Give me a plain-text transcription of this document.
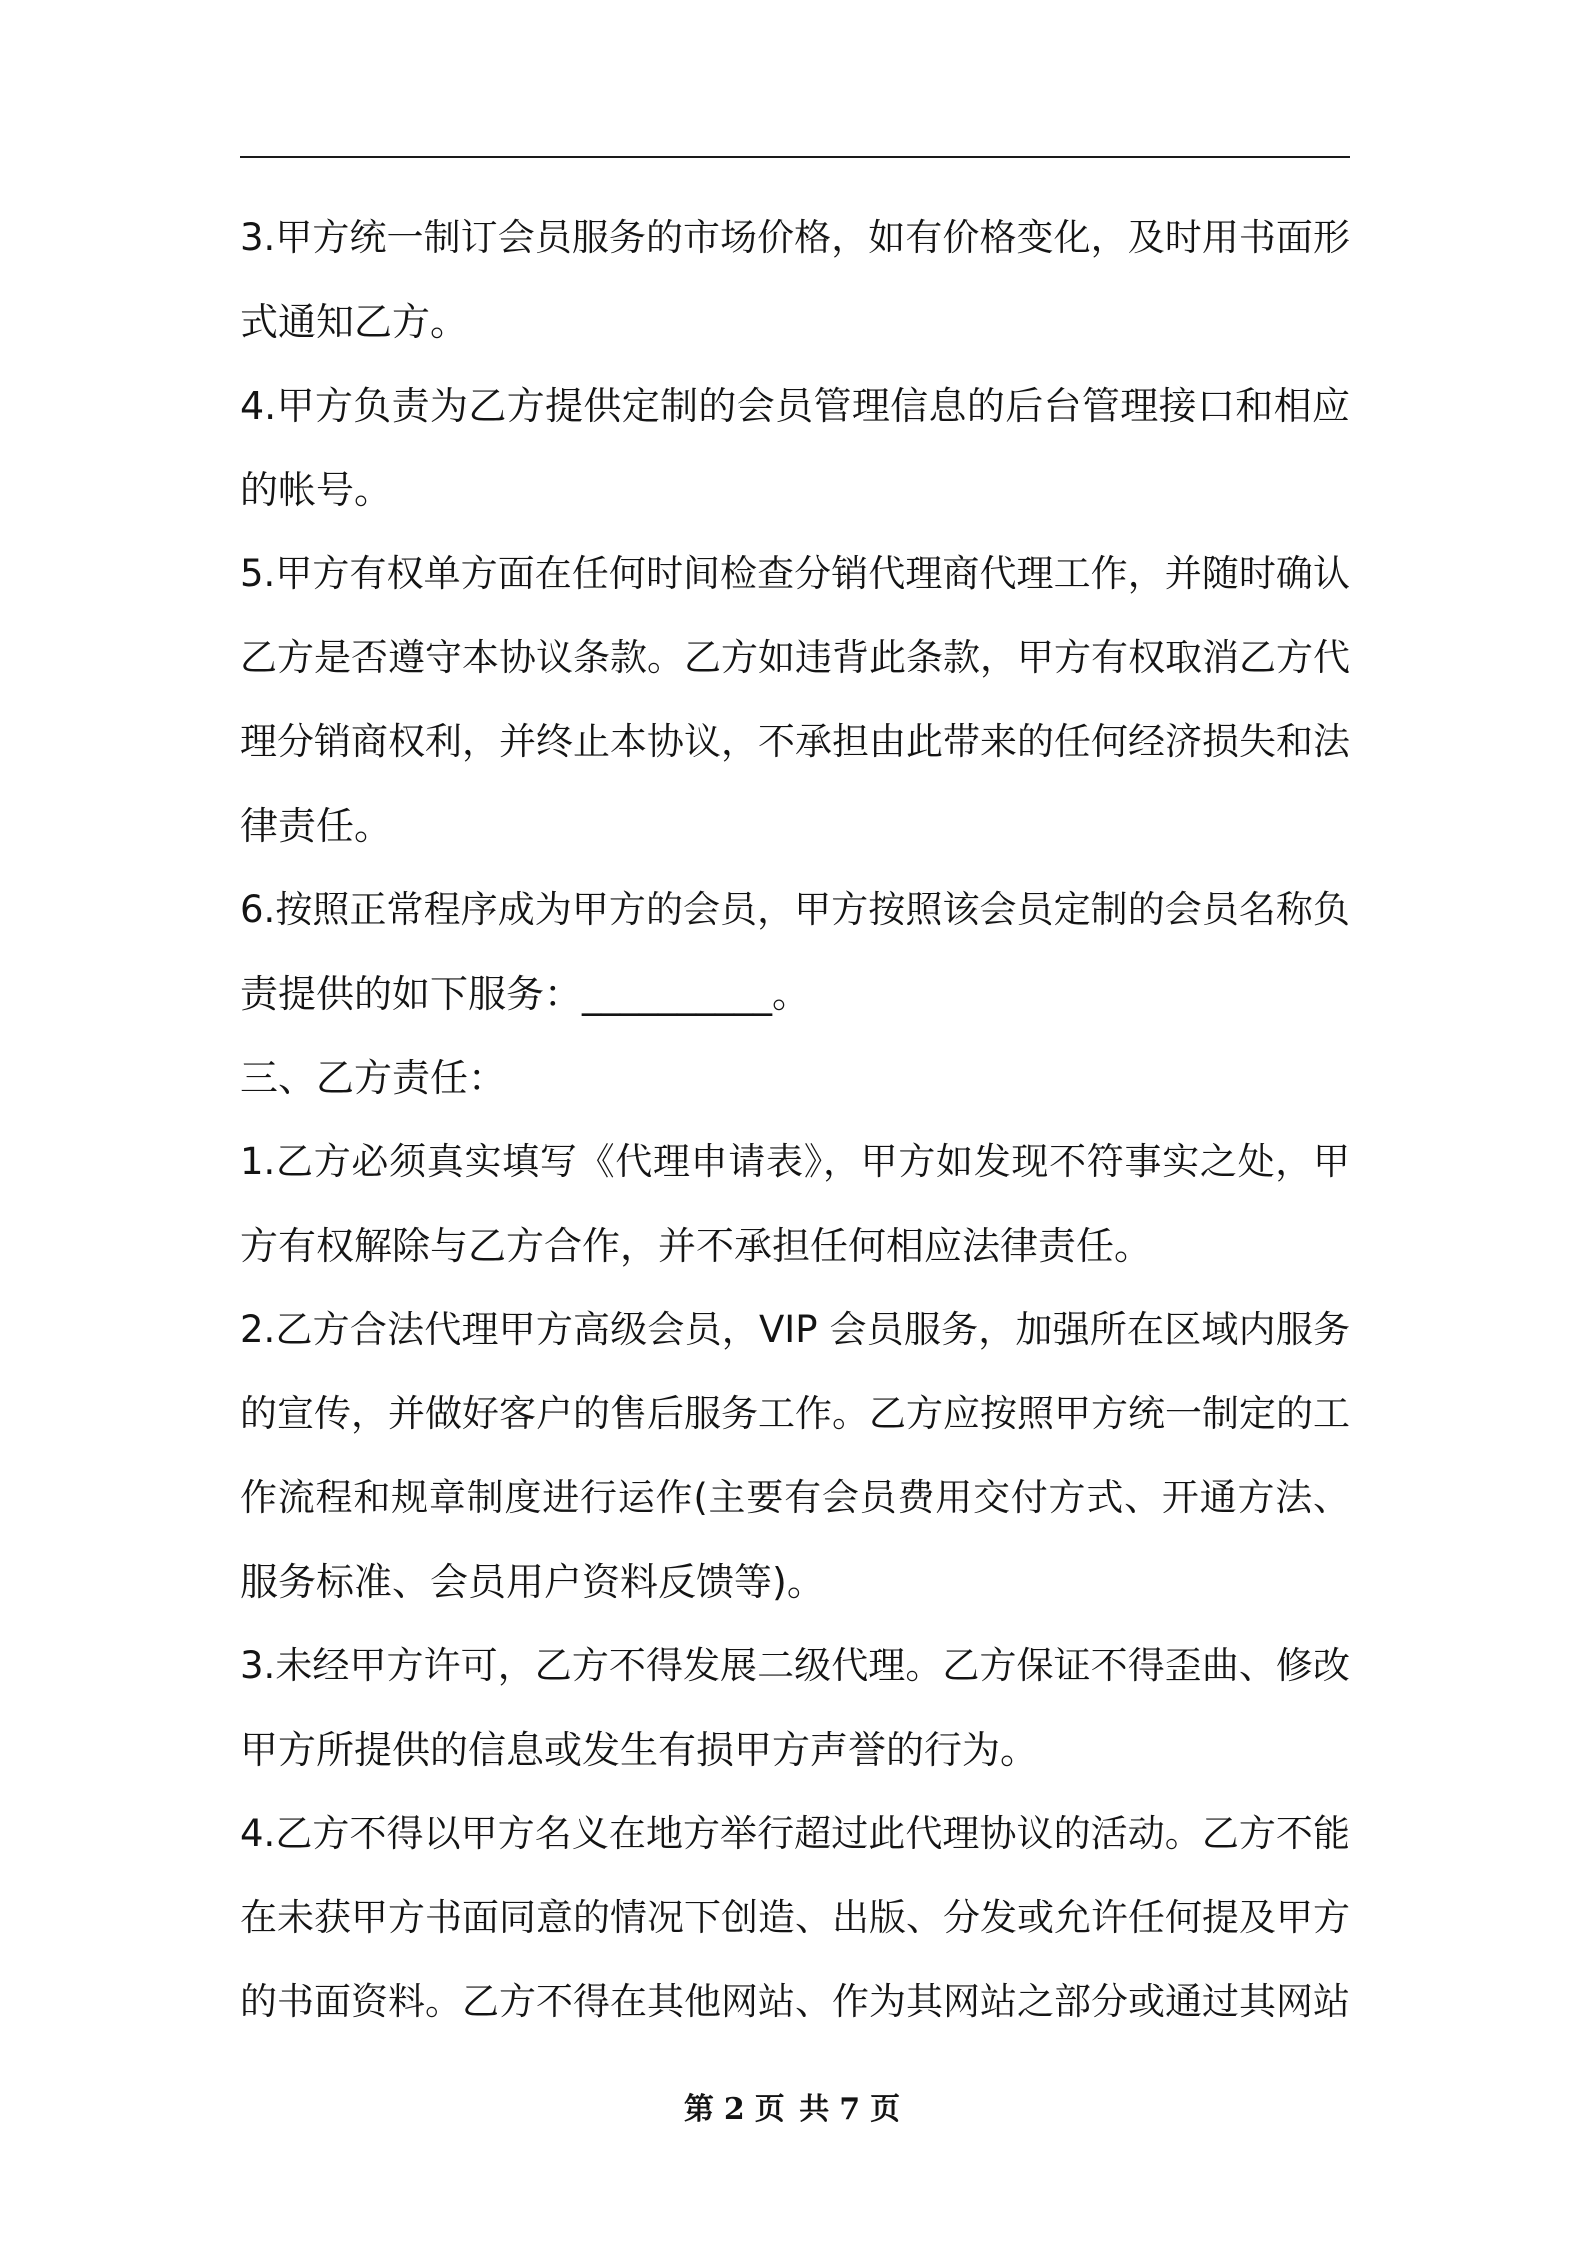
3.甲方统一制订会员服务的市场价格，如有价格变化，及时用书面形
式通知乙方。
4.甲方负责为乙方提供定制的会员管理信息的后台管理接口和相应
的帐号。
5.甲方有权单方面在任何时间检查分销代理商代理工作，并随时确认
乙方是否遵守本协议条款。乙方如违背此条款，甲方有权取消乙方代
理分销商权利，并终止本协议，不承担由此带来的任何经济损失和法
律责任。
6.按照正常程序成为甲方的会员，甲方按照该会员定制的会员名称负
责提供的如下服务：__________。
三、乙方责任：
1.乙方必须真实填写《代理申请表》，甲方如发现不符事实之处，甲
方有权解除与乙方合作，并不承担任何相应法律责任。
2.乙方合法代理甲方高级会员，VIP 会员服务，加强所在区域内服务
的宣传，并做好客户的售后服务工作。乙方应按照甲方统一制定的工
作流程和规章制度进行运作(主要有会员费用交付方式、开通方法、
服务标准、会员用户资料反馈等)。
3.未经甲方许可，乙方不得发展二级代理。乙方保证不得歪曲、修改
甲方所提供的信息或发生有损甲方声誉的行为。
4.乙方不得以甲方名义在地方举行超过此代理协议的活动。乙方不能
在未获甲方书面同意的情况下创造、出版、分发或允许任何提及甲方
的书面资料。乙方不得在其他网站、作为其网站之部分或通过其网站
第 2 页 共 7 页
